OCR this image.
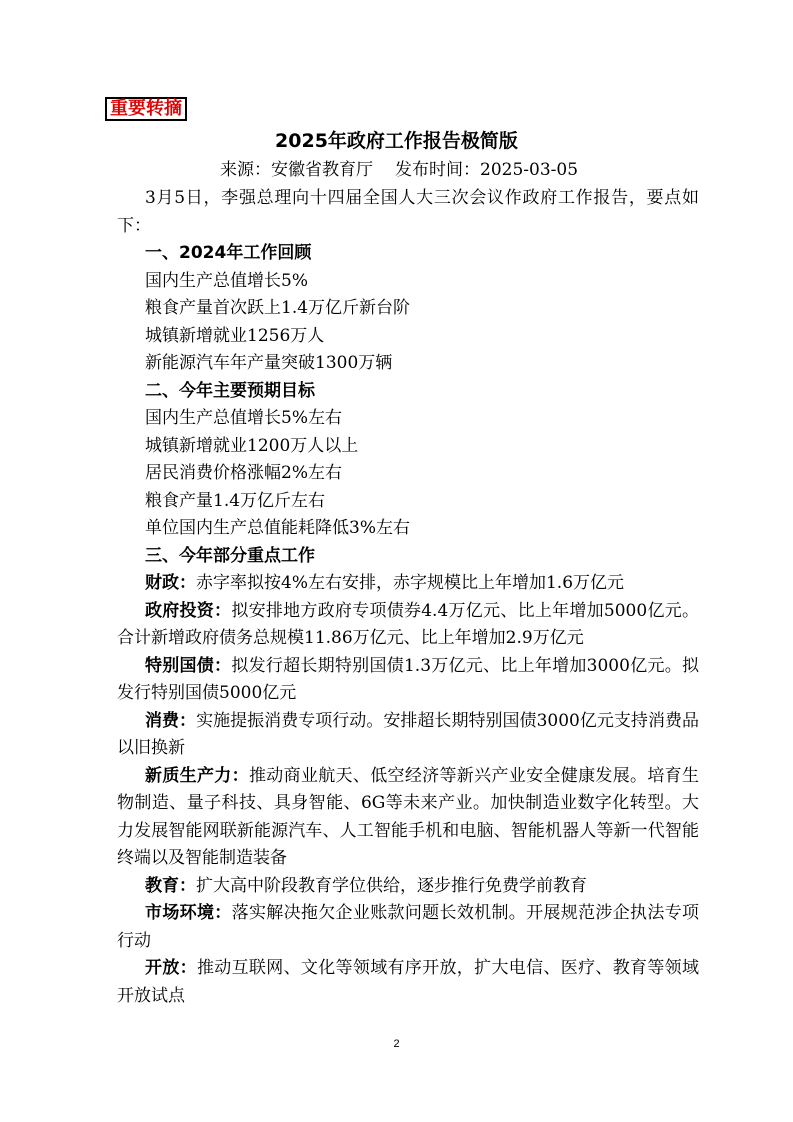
重要转摘
2025年政府工作报告极简版
来源：安徽省教育厅 发布时间：2025-03-05

3月5日，李强总理向十四届全国人大三次会议作政府工作报告，要点如下：

一、2024年工作回顾

国内生产总值增长5%

粮食产量首次跃上1.4万亿斤新台阶

城镇新增就业1256万人

新能源汽车年产量突破1300万辆

二、今年主要预期目标

国内生产总值增长5%左右

城镇新增就业1200万人以上

居民消费价格涨幅2%左右

粮食产量1.4万亿斤左右

单位国内生产总值能耗降低3%左右

三、今年部分重点工作

财政：赤字率拟按4%左右安排，赤字规模比上年增加1.6万亿元

政府投资：拟安排地方政府专项债券4.4万亿元、比上年增加5000亿元。合计新增政府债务总规模11.86万亿元、比上年增加2.9万亿元

特别国债：拟发行超长期特别国债1.3万亿元、比上年增加3000亿元。拟发行特别国债5000亿元

消费：实施提振消费专项行动。安排超长期特别国债3000亿元支持消费品以旧换新

新质生产力：推动商业航天、低空经济等新兴产业安全健康发展。培育生物制造、量子科技、具身智能、6G等未来产业。加快制造业数字化转型。大力发展智能网联新能源汽车、人工智能手机和电脑、智能机器人等新一代智能终端以及智能制造装备

教育：扩大高中阶段教育学位供给，逐步推行免费学前教育

市场环境：落实解决拖欠企业账款问题长效机制。开展规范涉企执法专项行动

开放：推动互联网、文化等领域有序开放，扩大电信、医疗、教育等领域开放试点

2
